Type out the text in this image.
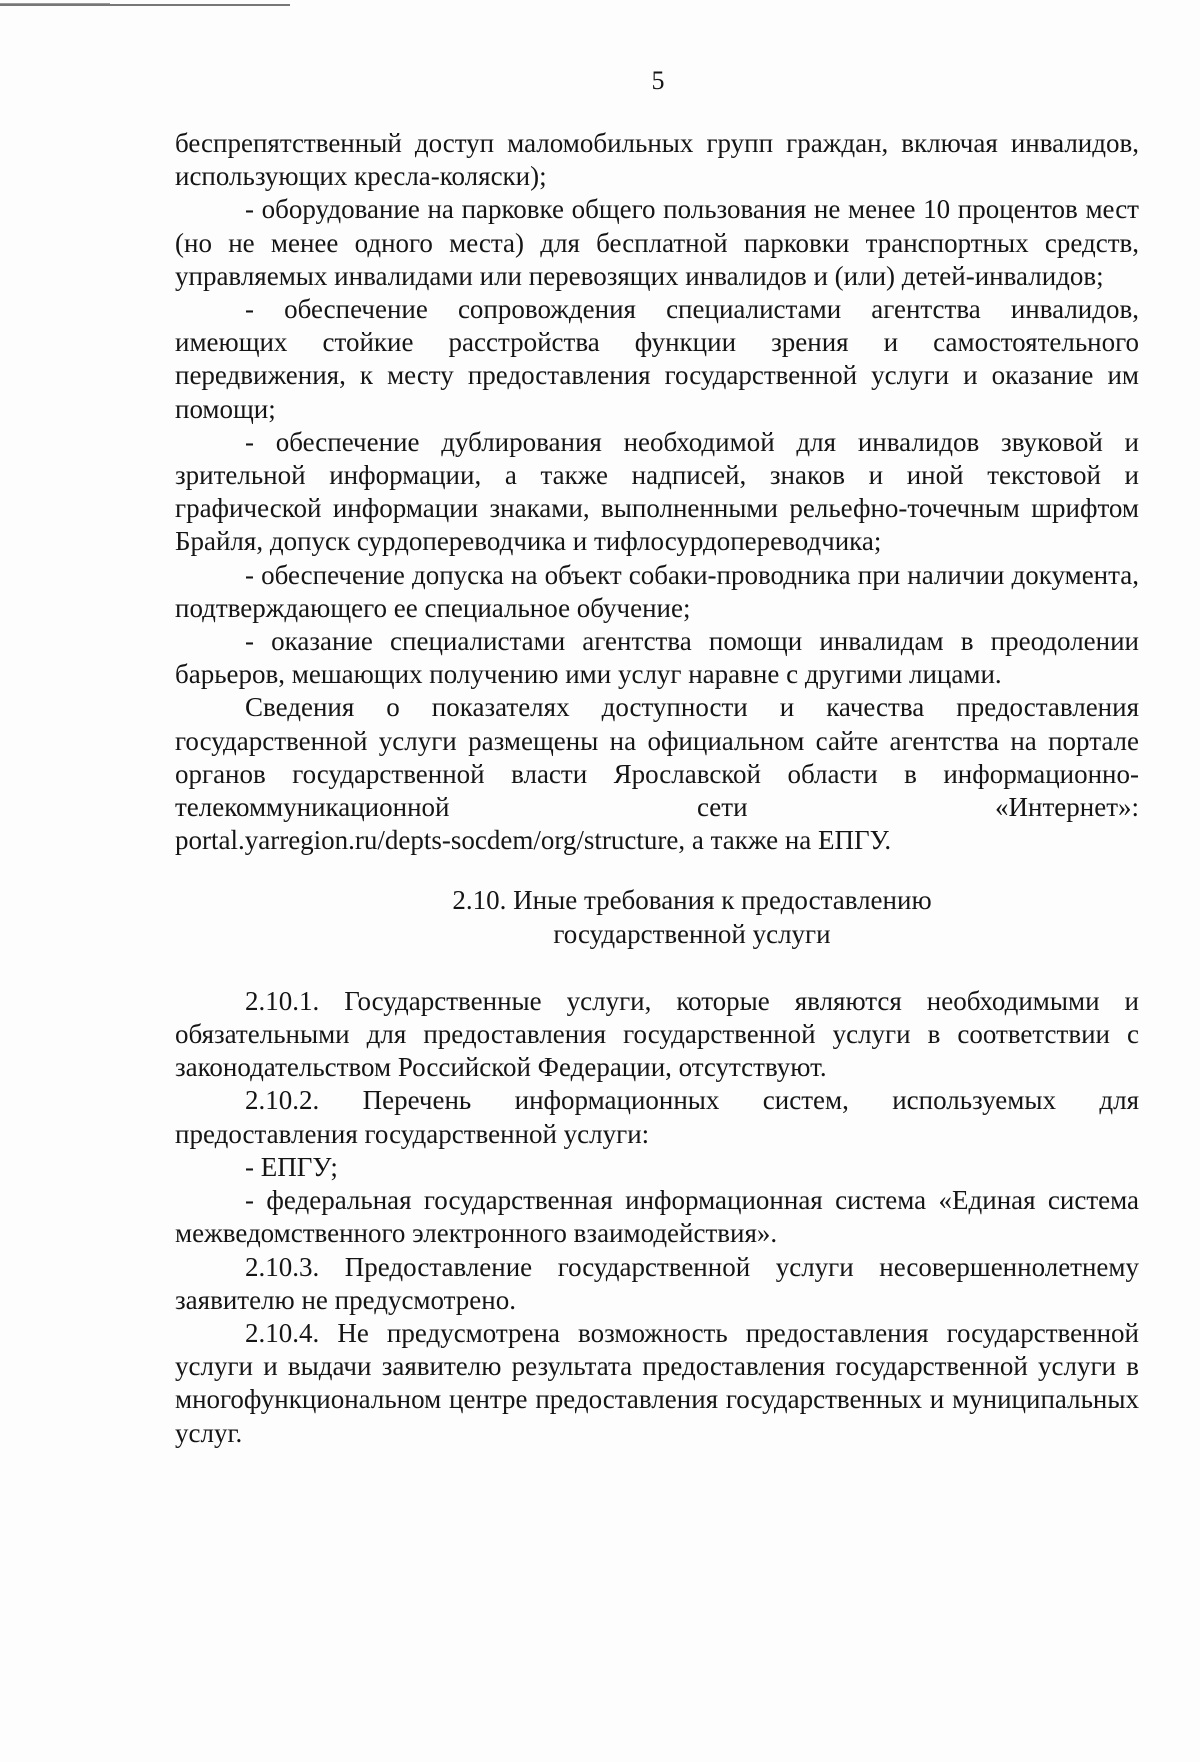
5

беспрепятственный доступ маломобильных групп граждан, включая инвалидов, использующих кресла-коляски);

- оборудование на парковке общего пользования не менее 10 процентов мест (но не менее одного места) для бесплатной парковки транспортных средств, управляемых инвалидами или перевозящих инвалидов и (или) детей-инвалидов;

- обеспечение сопровождения специалистами агентства инвалидов, имеющих стойкие расстройства функции зрения и самостоятельного передвижения, к месту предоставления государственной услуги и оказание им помощи;

- обеспечение дублирования необходимой для инвалидов звуковой и зрительной информации, а также надписей, знаков и иной текстовой и графической информации знаками, выполненными рельефно-точечным шрифтом Брайля, допуск сурдопереводчика и тифлосурдопереводчика;

- обеспечение допуска на объект собаки-проводника при наличии документа, подтверждающего ее специальное обучение;

- оказание специалистами агентства помощи инвалидам в преодолении барьеров, мешающих получению ими услуг наравне с другими лицами.

Сведения о показателях доступности и качества предоставления государственной услуги размещены на официальном сайте агентства на портале органов государственной власти Ярославской области в информационно-телекоммуникационной сети «Интернет»:

portal.yarregion.ru/depts-socdem/org/structure, а также на ЕПГУ.

2.10. Иные требования к предоставлению
государственной услуги

2.10.1. Государственные услуги, которые являются необходимыми и обязательными для предоставления государственной услуги в соответствии с законодательством Российской Федерации, отсутствуют.

2.10.2. Перечень информационных систем, используемых для предоставления государственной услуги:

- ЕПГУ;

- федеральная государственная информационная система «Единая система межведомственного электронного взаимодействия».

2.10.3. Предоставление государственной услуги несовершеннолетнему заявителю не предусмотрено.

2.10.4. Не предусмотрена возможность предоставления государственной услуги и выдачи заявителю результата предоставления государственной услуги в многофункциональном центре предоставления государственных и муниципальных услуг.
